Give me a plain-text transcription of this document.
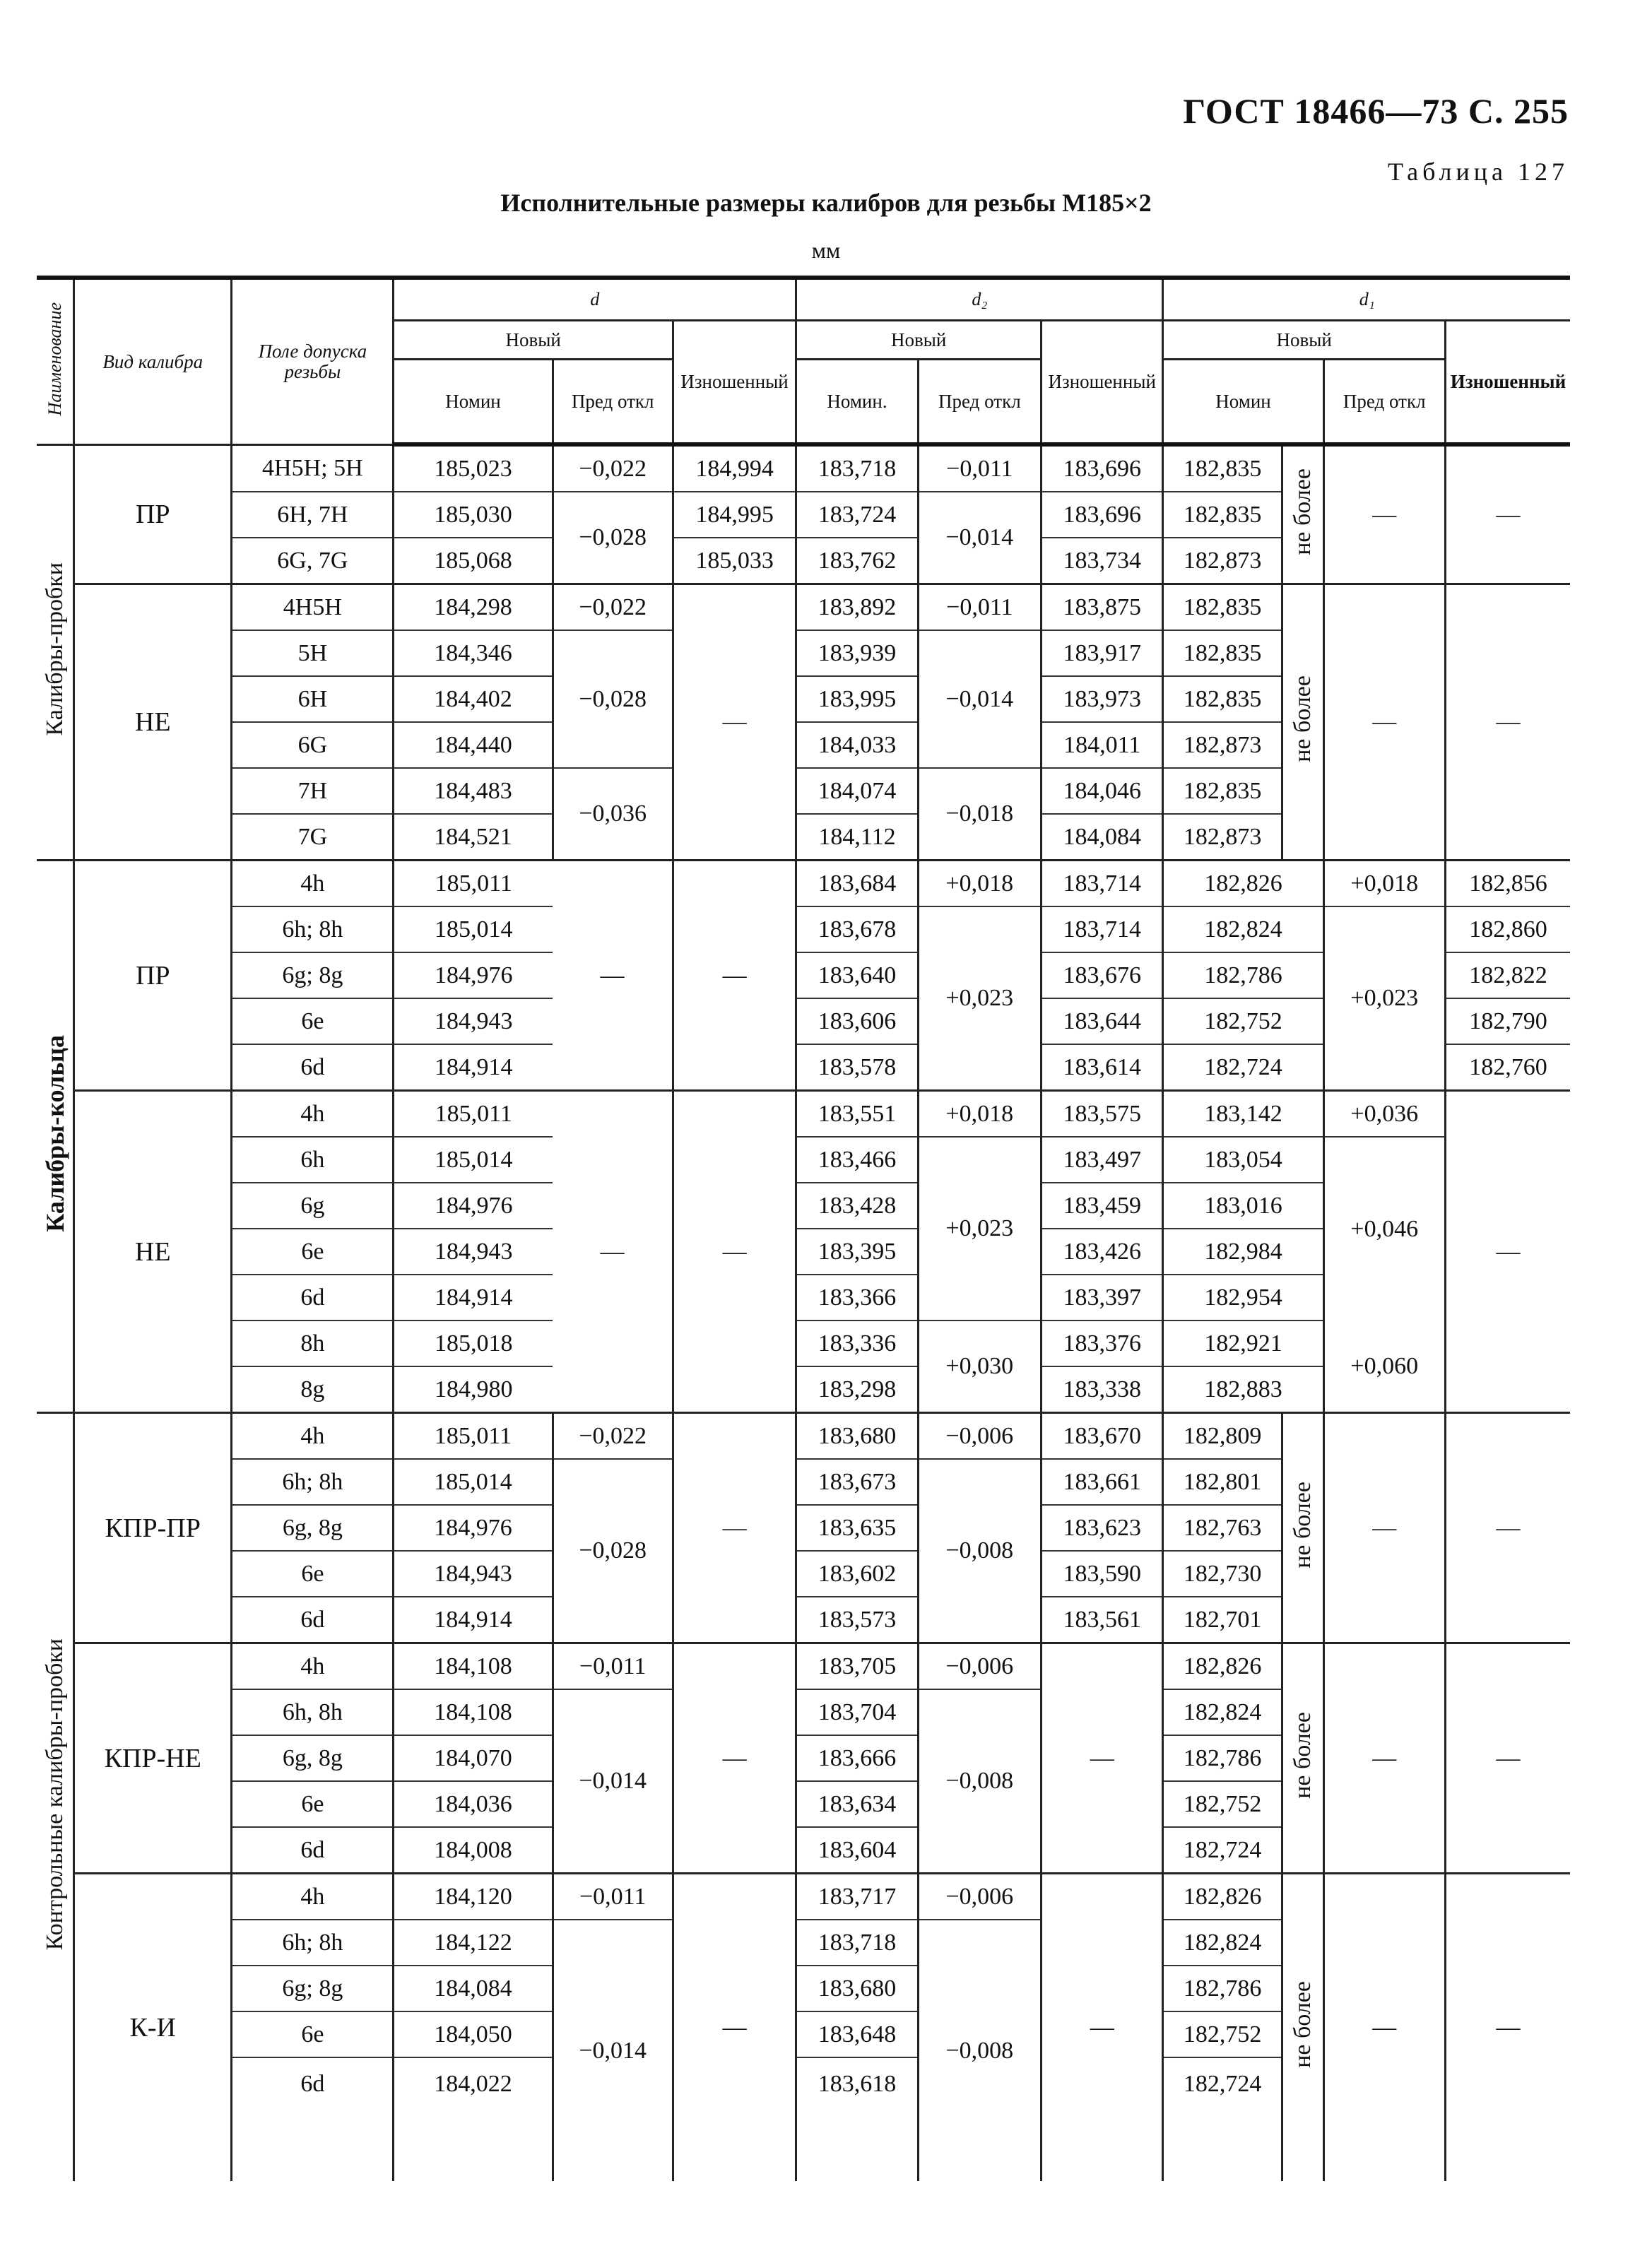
ГОСТ 18466—73 С. 255
Таблица 127
Исполнительные размеры калибров для резьбы М185×2
мм
Наименование	Вид калибра	Поле допуска резьбы	d			d₂			d₁			
			Новый		Изношенный	Новый		Изношенный	Новый			Изношенный
			Номин	Пред откл		Номин.	Пред откл		Номин		Пред откл	
Калибры-пробки	ПР	4Н5Н; 5Н	185,023	−0,022	184,994	183,718	−0,011	183,696	182,835	не более	—	—
		6Н, 7Н	185,030	−0,028	184,995	183,724	−0,014	183,696	182,835			
		6G, 7G	185,068		185,033	183,762		183,734	182,873			
	НЕ	4Н5Н	184,298	−0,022	—	183,892	−0,011	183,875	182,835	не более	—	—
		5Н	184,346	−0,028		183,939	−0,014	183,917	182,835			
		6Н	184,402			183,995		183,973	182,835			
		6G	184,440			184,033		184,011	182,873			
		7Н	184,483	−0,036		184,074	−0,018	184,046	182,835			
		7G	184,521			184,112		184,084	182,873			
Калибры-кольца	ПР	4h	185,011	—	—	183,684	+0,018	183,714	182,826		+0,018	182,856
		6h; 8h	185,014			183,678	+0,023	183,714	182,824		+0,023	182,860
		6g; 8g	184,976			183,640		183,676	182,786			182,822
		6е	184,943			183,606		183,644	182,752			182,790
		6d	184,914			183,578		183,614	182,724			182,760
	НЕ	4h	185,011	—	—	183,551	+0,018	183,575	183,142		+0,036	—
		6h	185,014			183,466	+0,023	183,497	183,054		+0,046	
		6g	184,976			183,428		183,459	183,016			
		6е	184,943			183,395		183,426	182,984			
		6d	184,914			183,366		183,397	182,954			
		8h	185,018			183,336	+0,030	183,376	182,921		+0,060	
		8g	184,980			183,298		183,338	182,883			
Контрольные калибры-пробки	КПР-ПР	4h	185,011	−0,022	—	183,680	−0,006	183,670	182,809	не более	—	—
		6h; 8h	185,014	−0,028		183,673	−0,008	183,661	182,801			
		6g, 8g	184,976			183,635		183,623	182,763			
		6е	184,943			183,602		183,590	182,730			
		6d	184,914			183,573		183,561	182,701			
	КПР-НЕ	4h	184,108	−0,011	—	183,705	−0,006	—	182,826	не более	—	—
		6h, 8h	184,108	−0,014		183,704	−0,008		182,824			
		6g, 8g	184,070			183,666			182,786			
		6е	184,036			183,634			182,752			
		6d	184,008			183,604			182,724			
	К-И	4h	184,120	−0,011	—	183,717	−0,006	—	182,826	не более	—	—
		6h; 8h	184,122	−0,014		183,718	−0,008		182,824			
		6g; 8g	184,084			183,680			182,786			
		6е	184,050			183,648			182,752			
		6d	184,022			183,618			182,724			
